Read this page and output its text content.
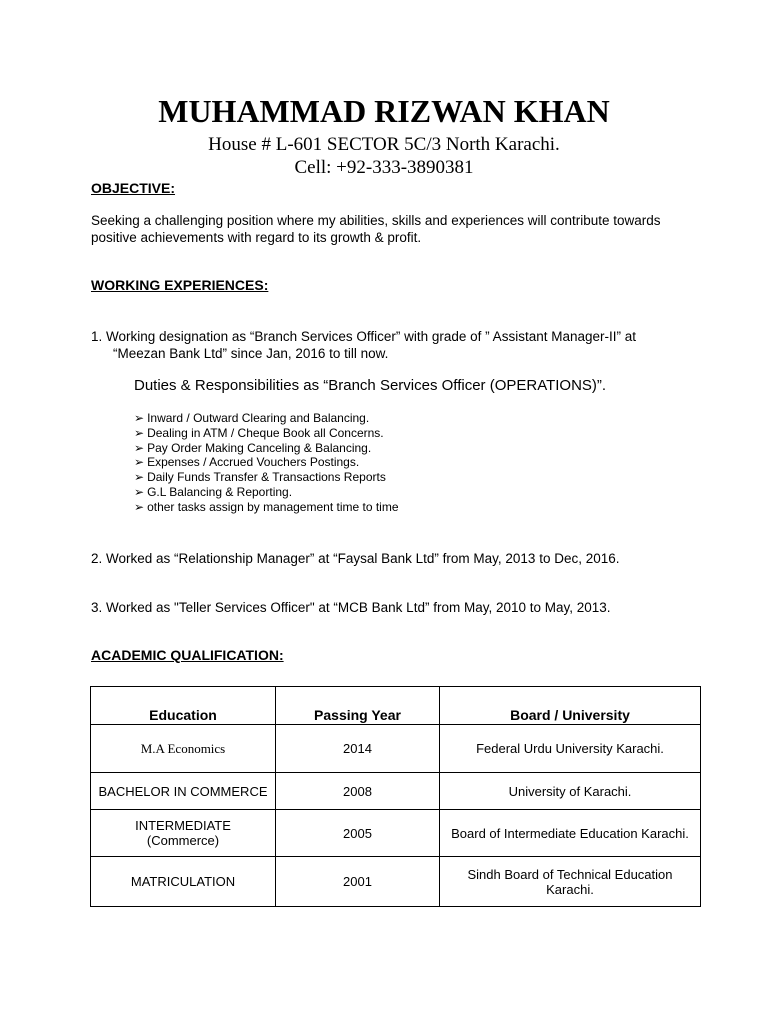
MUHAMMAD RIZWAN KHAN
House # L-601 SECTOR 5C/3 North Karachi.
Cell: +92-333-3890381
OBJECTIVE:
Seeking a challenging position where my abilities, skills and experiences will contribute towards positive achievements with regard to its growth & profit.
WORKING EXPERIENCES:
1. Working designation as “Branch Services Officer” with grade of ” Assistant Manager-II” at
“Meezan Bank Ltd” since Jan, 2016 to till now.
Duties & Responsibilities as “Branch Services Officer (OPERATIONS)”.
➢ Inward / Outward Clearing and Balancing.
➢ Dealing in ATM / Cheque Book all Concerns.
➢ Pay Order Making Canceling & Balancing.
➢ Expenses / Accrued Vouchers Postings.
➢ Daily Funds Transfer & Transactions Reports
➢ G.L Balancing & Reporting.
➢ other tasks assign by management time to time
2. Worked as “Relationship Manager” at “Faysal Bank Ltd” from May, 2013 to Dec, 2016.
3. Worked as "Teller Services Officer" at “MCB Bank Ltd” from May, 2010 to May, 2013.
ACADEMIC QUALIFICATION:
Education	Passing Year	Board / University
M.A Economics	2014	Federal Urdu University Karachi.
BACHELOR IN COMMERCE	2008	University of Karachi.

INTERMEDIATE
(Commerce)	2005	Board of Intermediate Education Karachi.
MATRICULATION	2001	Sindh Board of Technical Education Karachi.
